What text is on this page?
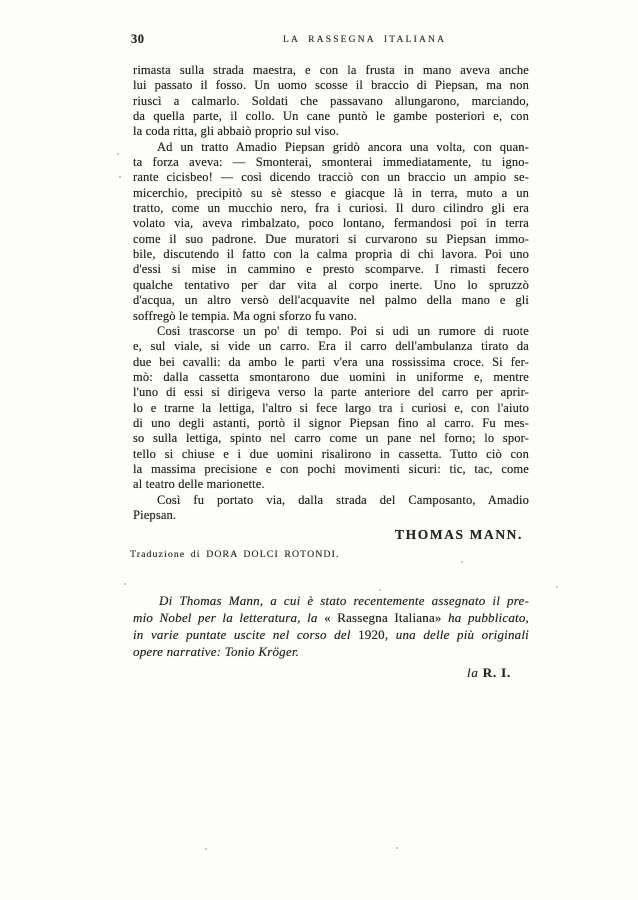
30	LA RASSEGNA ITALIANA
rimasta sulla strada maestra, e con la frusta in mano aveva anche
lui passato il fosso. Un uomo scosse il braccio di Piepsan, ma non
riuscì a calmarlo. Soldati che passavano allungarono, marciando,
da quella parte, il collo. Un cane puntò le gambe posteriori e, con
la coda ritta, gli abbaiò proprio sul viso.
Ad un tratto Amadio Piepsan gridò ancora una volta, con quan-
ta forza aveva: — Smonterai, smonterai immediatamente, tu igno-
rante cicisbeo! — così dicendo tracciò con un braccio un ampio se-
micerchio, precipitò su sè stesso e giacque là in terra, muto a un
tratto, come un mucchio nero, fra i curiosi. Il duro cilindro gli era
volato via, aveva rimbalzato, poco lontano, fermandosi poi in terra
come il suo padrone. Due muratori si curvarono su Piepsan immo-
bile, discutendo il fatto con la calma propria di chi lavora. Poi uno
d'essi si mise in cammino e presto scomparve. I rimasti fecero
qualche tentativo per dar vita al corpo inerte. Uno lo spruzzò
d'acqua, un altro versò dell'acquavite nel palmo della mano e gli
soffregò le tempia. Ma ogni sforzo fu vano.
Così trascorse un po' di tempo. Poi si udì un rumore di ruote
e, sul viale, si vide un carro. Era il carro dell'ambulanza tirato da
due bei cavalli: da ambo le parti v'era una rossissima croce. Si fer-
mò: dalla cassetta smontarono due uomini in uniforme e, mentre
l'uno di essi si dirigeva verso la parte anteriore del carro per aprir-
lo e trarne la lettiga, l'altro si fece largo tra i curiosi e, con l'aiuto
di uno degli astanti, portò il signor Piepsan fino al carro. Fu mes-
so sulla lettiga, spinto nel carro come un pane nel forno; lo spor-
tello si chiuse e i due uomini risalirono in cassetta. Tutto ciò con
la massima precisione e con pochi movimenti sicuri: tic, tac, come
al teatro delle marionette.
Così fu portato via, dalla strada del Camposanto, Amadio
Piepsan.
THOMAS MANN.
Traduzione di DORA DOLCI ROTONDI.
Di Thomas Mann, a cui è stato recentemente assegnato il pre-
mio Nobel per la letteratura, la « Rassegna Italiana» ha pubblicato,
in varie puntate uscite nel corso del 1920, una delle più originali
opere narrative: Tonio Kröger.
la R. I.
